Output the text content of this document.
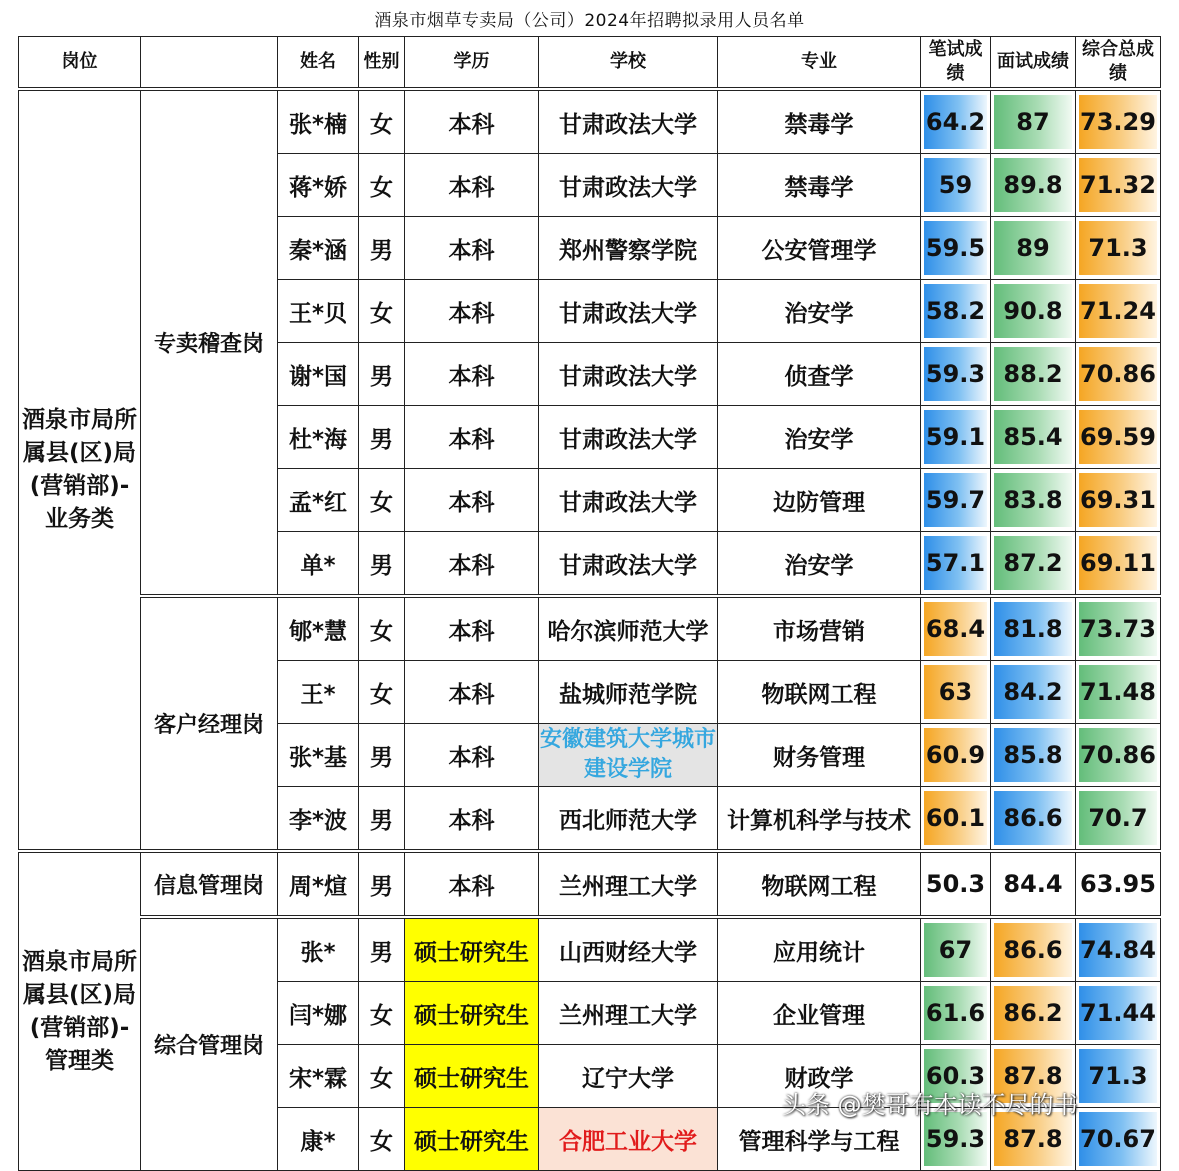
酒泉市烟草专卖局（公司）2024年招聘拟录用人员名单
岗位		姓名	性别	学历	学校	专业	笔试成绩	面试成绩	综合总成绩
酒泉市局所属县(区)局(营销部)-业务类	专卖稽查岗	张*楠	女	本科	甘肃政法大学	禁毒学	64.2	87	73.29

		蒋*娇	女	本科	甘肃政法大学	禁毒学	59	89.8	71.32

		秦*涵	男	本科	郑州警察学院	公安管理学	59.5	89	71.3

		王*贝	女	本科	甘肃政法大学	治安学	58.2	90.8	71.24

		谢*国	男	本科	甘肃政法大学	侦查学	59.3	88.2	70.86

		杜*海	男	本科	甘肃政法大学	治安学	59.1	85.4	69.59

		孟*红	女	本科	甘肃政法大学	边防管理	59.7	83.8	69.31

		单*	男	本科	甘肃政法大学	治安学	57.1	87.2	69.11

	客户经理岗	郇*慧	女	本科	哈尔滨师范大学	市场营销	68.4	81.8	73.73

		王*	女	本科	盐城师范学院	物联网工程	63	84.2	71.48

		张*基	男	本科	安徽建筑大学城市建设学院	财务管理	60.9	85.8	70.86

		李*波	男	本科	西北师范大学	计算机科学与技术	60.1	86.6	70.7

酒泉市局所属县(区)局(营销部)-管理类	信息管理岗	周*煊	男	本科	兰州理工大学	物联网工程	50.3	84.4	63.95

	综合管理岗	张*	男	硕士研究生	山西财经大学	应用统计	67	86.6	74.84

		闫*娜	女	硕士研究生	兰州理工大学	企业管理	61.6	86.2	71.44

		宋*霖	女	硕士研究生	辽宁大学	财政学	60.3	87.8	71.3

		康*	女	硕士研究生	合肥工业大学	管理科学与工程	59.3	87.8	70.67
头条 @樊哥有本读不尽的书
